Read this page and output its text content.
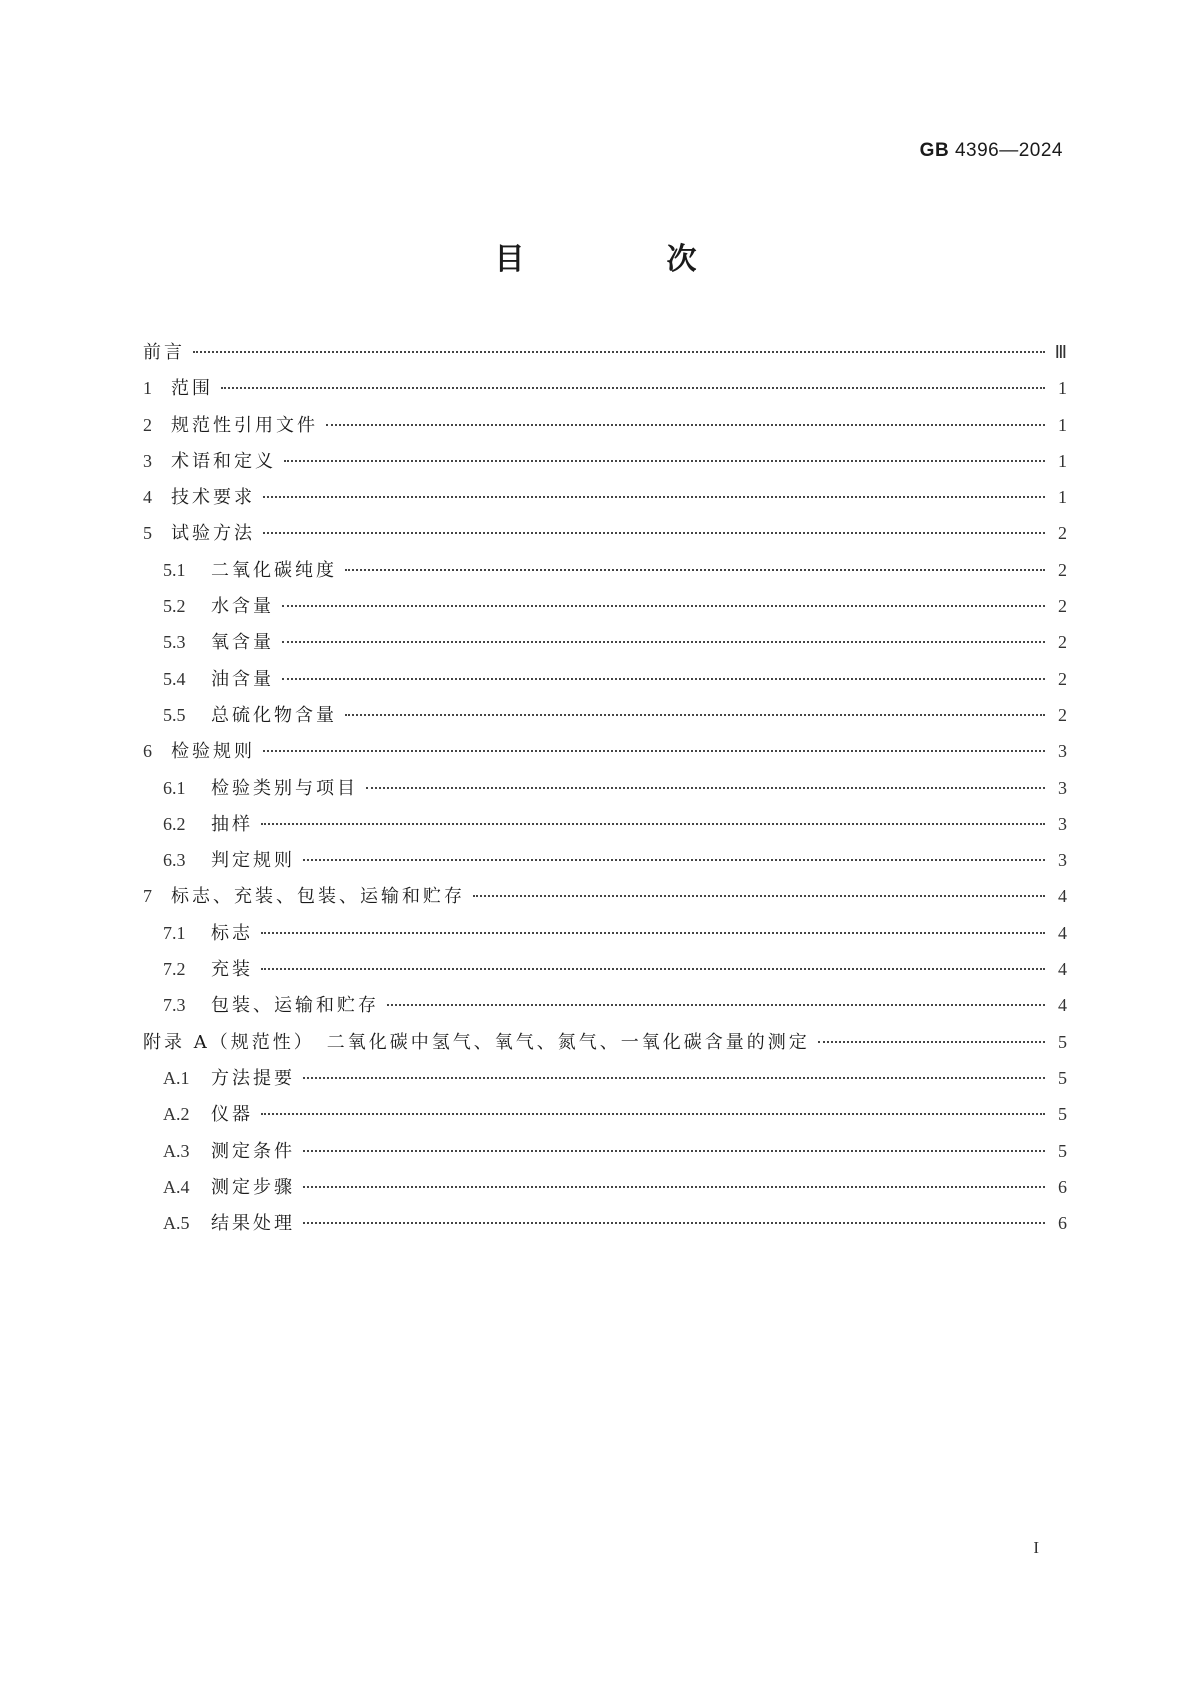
GB 4396—2024
目　次
前言	Ⅲ
1	范围	1
2	规范性引用文件	1
3	术语和定义	1
4	技术要求	1
5	试验方法	2
5.1	二氧化碳纯度	2
5.2	水含量	2
5.3	氧含量	2
5.4	油含量	2
5.5	总硫化物含量	2
6	检验规则	3
6.1	检验类别与项目	3
6.2	抽样	3
6.3	判定规则	3
7	标志、充装、包装、运输和贮存	4
7.1	标志	4
7.2	充装	4
7.3	包装、运输和贮存	4
附录 A（规范性）　二氧化碳中氢气、氧气、氮气、一氧化碳含量的测定	5
A.1	方法提要	5
A.2	仪器	5
A.3	测定条件	5
A.4	测定步骤	6
A.5	结果处理	6
I
